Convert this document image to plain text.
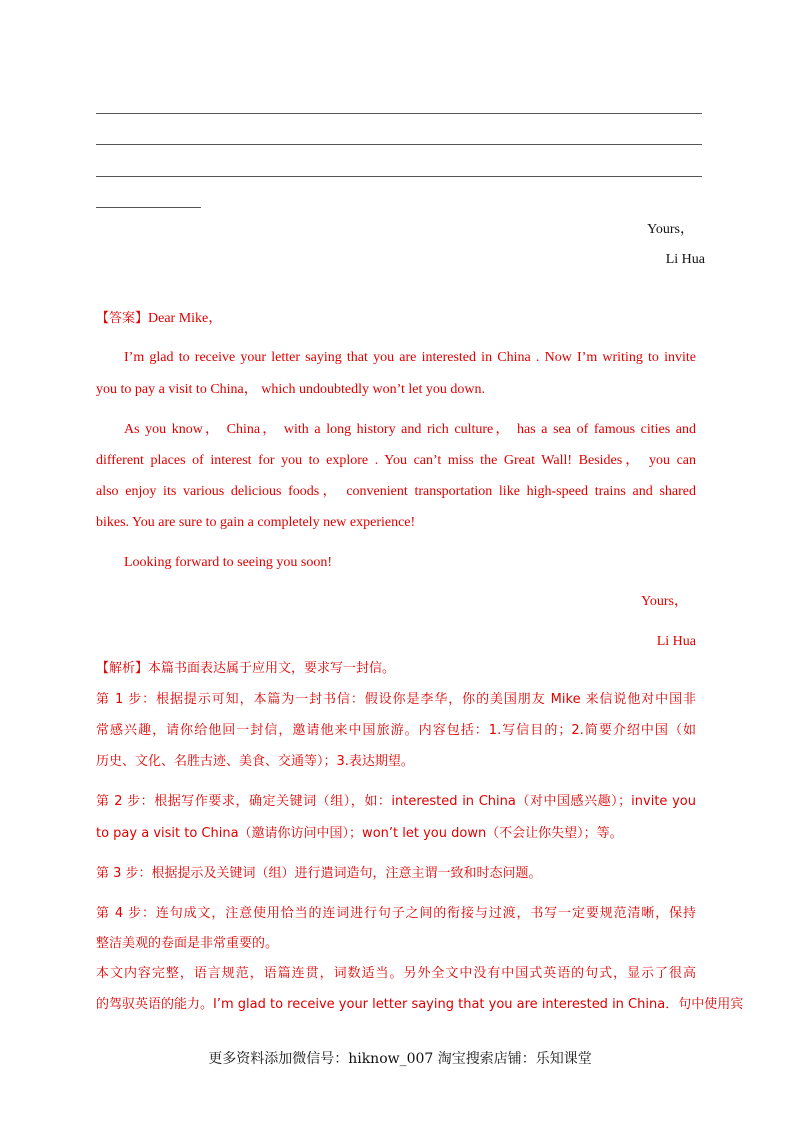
Yours，
Li Hua
【答案】Dear Mike，
I’m glad to receive your letter saying that you are interested in China . Now I’m writing to invite
you to pay a visit to China， which undoubtedly won’t let you down.
As you know， China， with a long history and rich culture， has a sea of famous cities and
different places of interest for you to explore . You can’t miss the Great Wall! Besides， you can
also enjoy its various delicious foods， convenient transportation like high-speed trains and shared
bikes. You are sure to gain a completely new experience!
Looking forward to seeing you soon!
Yours，
Li Hua
【解析】本篇书面表达属于应用文，要求写一封信。
第 1 步：根据提示可知，本篇为一封书信：假设你是李华，你的美国朋友 Mike 来信说他对中国非
常感兴趣，请你给他回一封信，邀请他来中国旅游。内容包括：1.写信目的；2.简要介绍中国（如
历史、文化、名胜古迹、美食、交通等）；3.表达期望。
第 2 步：根据写作要求，确定关键词（组），如：interested in China（对中国感兴趣）；invite you
to pay a visit to China（邀请你访问中国）；won’t let you down（不会让你失望）；等。
第 3 步：根据提示及关键词（组）进行遣词造句，注意主谓一致和时态问题。
第 4 步：连句成文，注意使用恰当的连词进行句子之间的衔接与过渡，书写一定要规范清晰，保持
整洁美观的卷面是非常重要的。
本文内容完整，语言规范，语篇连贯，词数适当。另外全文中没有中国式英语的句式，显示了很高
的驾驭英语的能力。I’m glad to receive your letter saying that you are interested in China．句中使用宾
更多资料添加微信号：hiknow_007 淘宝搜索店铺：乐知课堂
